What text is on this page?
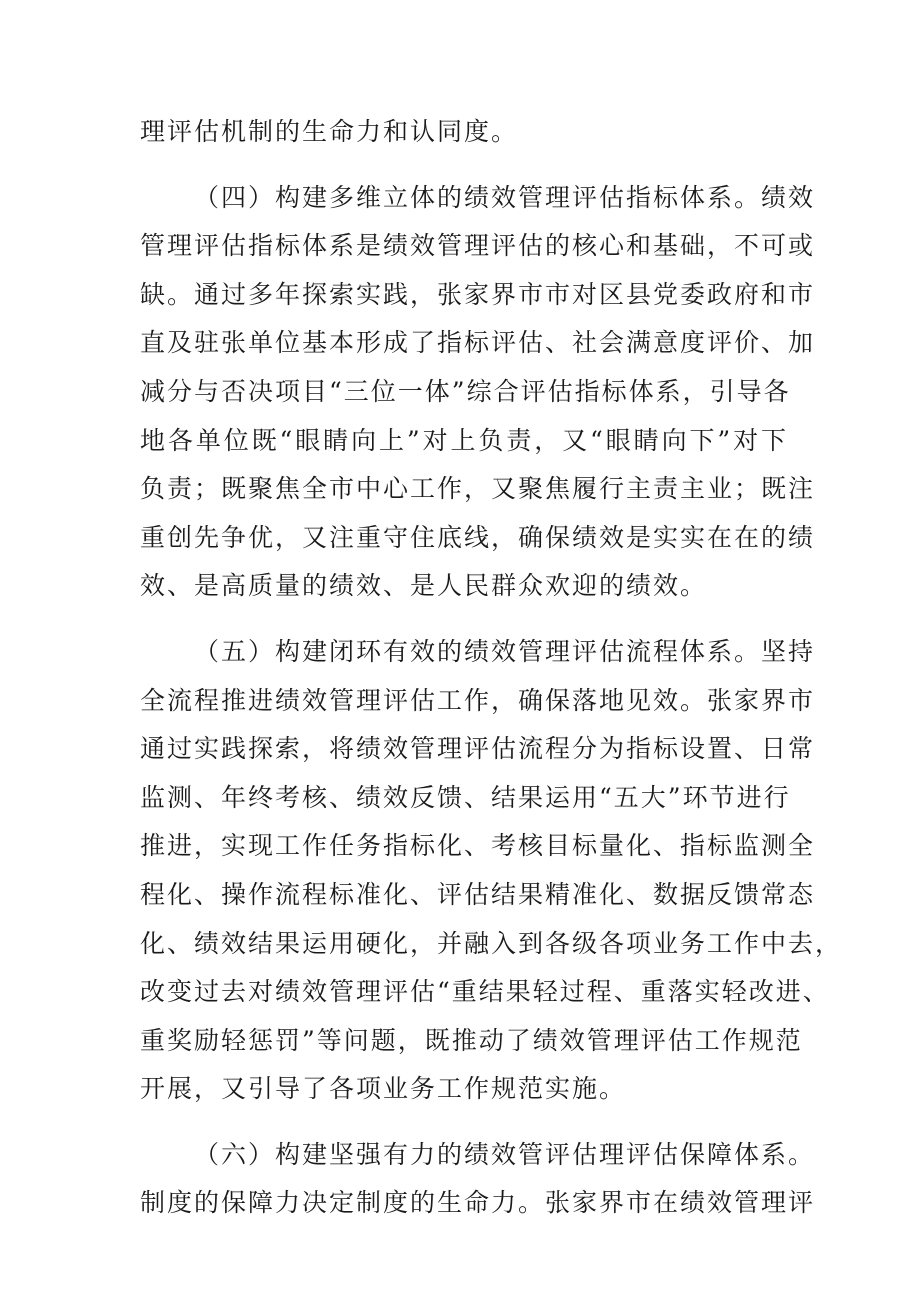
理评估机制的生命力和认同度。
（四）构建多维立体的绩效管理评估指标体系。绩效
管理评估指标体系是绩效管理评估的核心和基础，不可或
缺。通过多年探索实践，张家界市市对区县党委政府和市
直及驻张单位基本形成了指标评估、社会满意度评价、加
减分与否决项目“三位一体”综合评估指标体系，引导各
地各单位既“眼睛向上”对上负责，又“眼睛向下”对下
负责；既聚焦全市中心工作，又聚焦履行主责主业；既注
重创先争优，又注重守住底线，确保绩效是实实在在的绩
效、是高质量的绩效、是人民群众欢迎的绩效。
（五）构建闭环有效的绩效管理评估流程体系。坚持
全流程推进绩效管理评估工作，确保落地见效。张家界市
通过实践探索，将绩效管理评估流程分为指标设置、日常
监测、年终考核、绩效反馈、结果运用“五大”环节进行
推进，实现工作任务指标化、考核目标量化、指标监测全
程化、操作流程标准化、评估结果精准化、数据反馈常态
化、绩效结果运用硬化，并融入到各级各项业务工作中去，
改变过去对绩效管理评估“重结果轻过程、重落实轻改进、
重奖励轻惩罚”等问题，既推动了绩效管理评估工作规范
开展，又引导了各项业务工作规范实施。
（六）构建坚强有力的绩效管评估理评估保障体系。
制度的保障力决定制度的生命力。张家界市在绩效管理评
